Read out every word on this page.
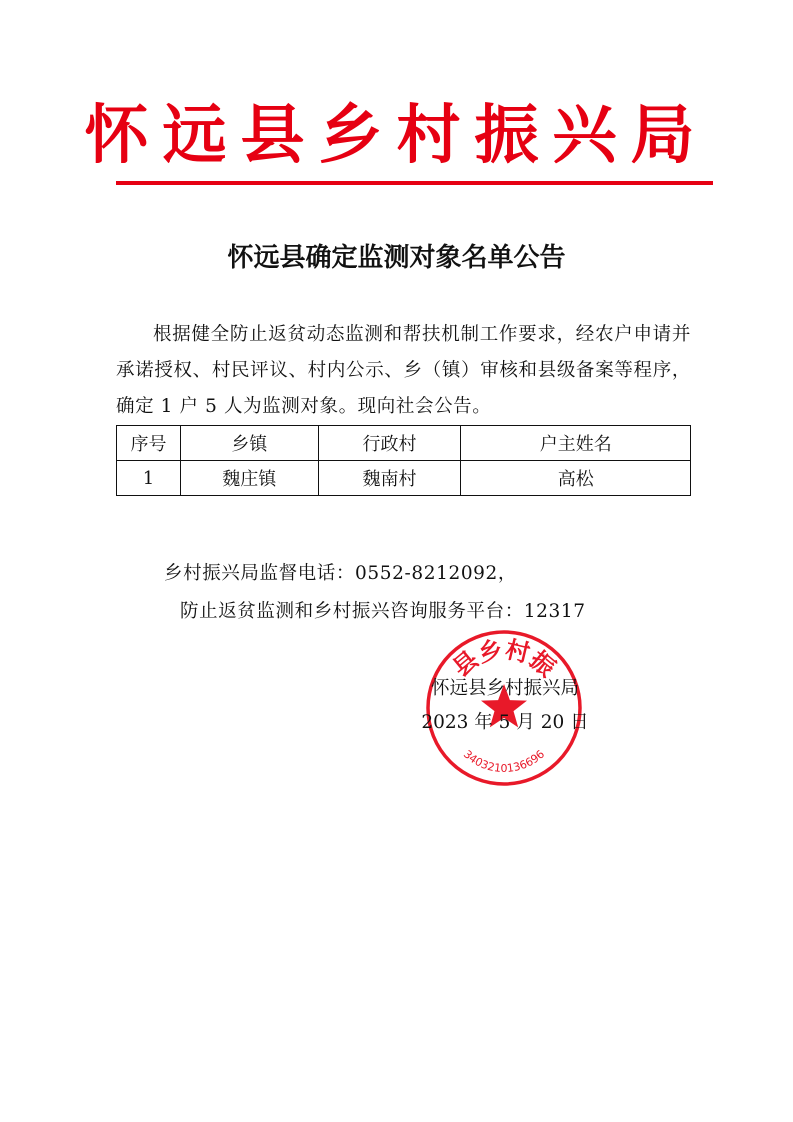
怀远县乡村振兴局
怀远县确定监测对象名单公告

根据健全防止返贫动态监测和帮扶机制工作要求，经农户申请并承诺授权、村民评议、村内公示、乡（镇）审核和县级备案等程序，确定 1 户 5 人为监测对象。现向社会公告。

序号	乡镇	行政村	户主姓名
1	魏庄镇	魏南村	高松
乡村振兴局监督电话：0552-8212092，
防止返贫监测和乡村振兴咨询服务平台：12317
县乡村振
3403210136696
怀远县乡村振兴局
2023 年 5 月 20 日
